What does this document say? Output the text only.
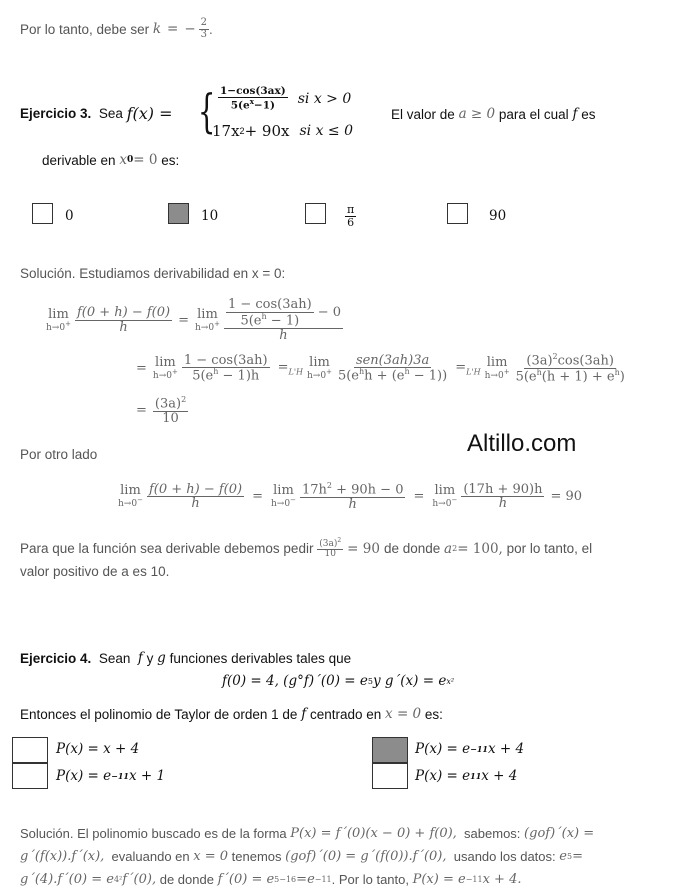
Por lo tanto, debe ser
k = − $\frac{2}{3}$ .
Ejercicio 3.
Sea
f(x) = { $\frac{1-\cos(3ax)}{5(e^x-1)}$ si x > 0
17x 2 + 90x si x ≤ 0
El valor de
a ≥ 0
para el cual
f
es
derivable en
x 0 = 0
es:
0	10	$\frac{\pi}{6}$	90
Solución. Estudiamos derivabilidad en x = 0:
lim
$h\to 0^+ \frac{f(0 + h) - f(0)}{h} = \lim$
$h\to 0^+ \frac{\frac{1 - \cos(3ah)}{5(e^h - 1)} - 0}{h}$
= lim
$h\to 0^+ \frac{1 - \cos(3ah)}{5(e^h - 1)h} =_{L'H}$
lim
$h\to 0^+ \frac{\text{sen(3ah)3a}}{5(e^hh + (e^h - 1))} =_{L'H}$
lim
$h\to 0^+ \frac{(3a)^2\cos(3ah)}{5(e^h(h + 1) + e^h)}$
= $\frac{(3a)^2}{10}$
Altillo.com
Por otro lado
lim
$h\to 0^- \frac{f(0 + h) - f(0)}{h} = \lim$
$h\to 0^- \frac{17h^2 + 90h - 0}{h} = \lim$
$h\to 0^- \frac{(17h + 90)h}{h} = 90$
Para que la función sea derivable debemos pedir
$\frac{(3a)^2}{10} = 90$ de donde
a 2 = 100,
por lo tanto, el
valor positivo de a es 10.
Ejercicio 4.
Sean
f
y
g
funciones derivables tales que
f(0) = 4, (g°f)´(0) = e 5 y g´(x) = e x²
Entonces el polinomio de Taylor de orden 1 de
f
centrado en
x = 0
es:
P(x) = x + 4	P(x) = e −11 x + 4
P(x) = e −11 x + 1	P(x) = e 11 x + 4
Solución. El polinomio buscado es de la forma
P(x) = f´(0)(x − 0) + f(0),
sabemos:
(gof)´(x) =
g´(f(x)).f´(x),
evaluando en
x = 0
tenemos
(gof)´(0) = g´(f(0)).f´(0),
usando los datos:
e 5 =
g´(4).f´(0) = e 4² f´(0),
de donde
f´(0) = e 5−16 = e −11 . Por lo tanto,
P(x) = e −11 x + 4.
